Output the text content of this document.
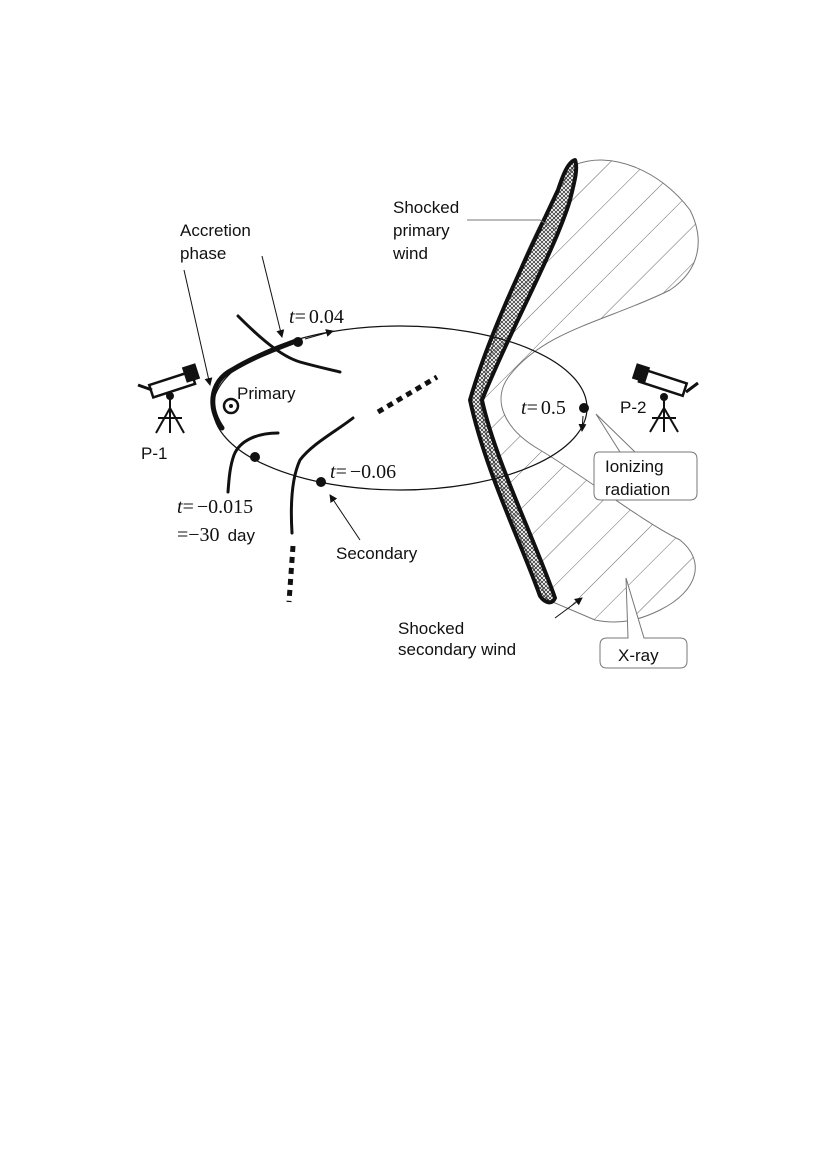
Accretion
phase
Shocked
primary
wind
Primary
Secondary
P-1
P-2
Ionizing
radiation
Shocked
secondary wind	X-ray
t= 0.04
t= 0.5
t= −0.06
t= −0.015
=−30 day
